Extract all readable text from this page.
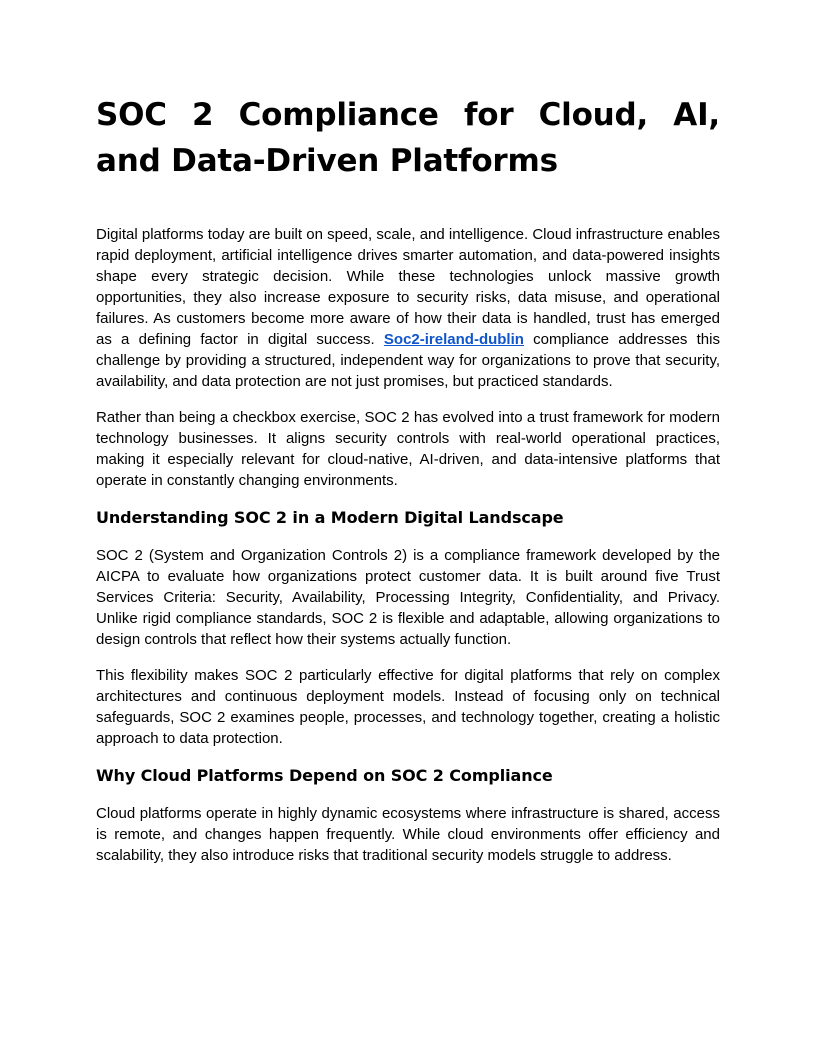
SOC 2 Compliance for Cloud, AI, and Data-Driven Platforms

Digital platforms today are built on speed, scale, and intelligence. Cloud infrastructure enables rapid deployment, artificial intelligence drives smarter automation, and data-powered insights shape every strategic decision. While these technologies unlock massive growth opportunities, they also increase exposure to security risks, data misuse, and operational failures. As customers become more aware of how their data is handled, trust has emerged as a defining factor in digital success. Soc2-ireland-dublin compliance addresses this challenge by providing a structured, independent way for organizations to prove that security, availability, and data protection are not just promises, but practiced standards.

Rather than being a checkbox exercise, SOC 2 has evolved into a trust framework for modern technology businesses. It aligns security controls with real-world operational practices, making it especially relevant for cloud-native, AI-driven, and data-intensive platforms that operate in constantly changing environments.

Understanding SOC 2 in a Modern Digital Landscape

SOC 2 (System and Organization Controls 2) is a compliance framework developed by the AICPA to evaluate how organizations protect customer data. It is built around five Trust Services Criteria: Security, Availability, Processing Integrity, Confidentiality, and Privacy. Unlike rigid compliance standards, SOC 2 is flexible and adaptable, allowing organizations to design controls that reflect how their systems actually function.

This flexibility makes SOC 2 particularly effective for digital platforms that rely on complex architectures and continuous deployment models. Instead of focusing only on technical safeguards, SOC 2 examines people, processes, and technology together, creating a holistic approach to data protection.

Why Cloud Platforms Depend on SOC 2 Compliance

Cloud platforms operate in highly dynamic ecosystems where infrastructure is shared, access is remote, and changes happen frequently. While cloud environments offer efficiency and scalability, they also introduce risks that traditional security models struggle to address.
